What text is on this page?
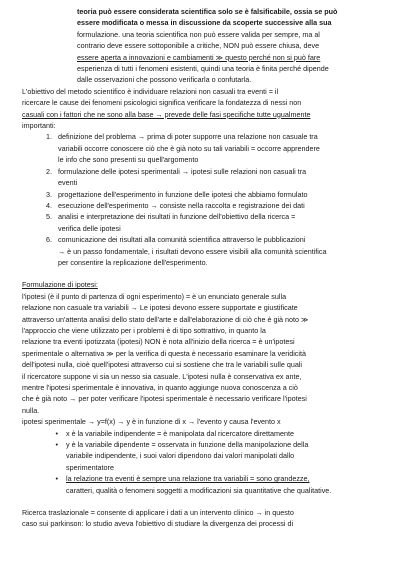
teoria può essere considerata scientifica solo se è falsificabile, ossia se può
essere modificata o messa in discussione da scoperte successive alla sua
formulazione. una teoria scientifica non può essere valida per sempre, ma al
contrario deve essere sottoponibile a critiche, NON può essere chiusa, deve
essere aperta a innovazioni e cambiamenti ≫ questo perché non si può fare
esperienza di tutti i fenomeni esistenti, quindi una teoria è finita perché dipende
dalle osservazioni che possono verificarla o confutarla.
L'obiettivo del metodo scientifico è individuare relazioni non casuali tra eventi = il
ricercare le cause dei fenomeni psicologici significa verificare la fondatezza di nessi non
casuali con i fattori che ne sono alla base → prevede delle fasi specifiche tutte ugualmente
importanti:
1. definizione del problema → prima di poter supporre una relazione non casuale tra
variabili occorre conoscere ciò che è già noto su tali variabili = occorre apprendere
le info che sono presenti su quell'argomento
2. formulazione delle ipotesi sperimentali → ipotesi sulle relazioni non casuali tra
eventi
3. progettazione dell'esperimento in funzione delle ipotesi che abbiamo formulato
4. esecuzione dell'esperimento → consiste nella raccolta e registrazione dei dati
5. analisi e interpretazione dei risultati in funzione dell'obiettivo della ricerca =
verifica delle ipotesi
6. comunicazione dei risultati alla comunità scientifica attraverso le pubblicazioni
→ è un passo fondamentale, i risultati devono essere visibili alla comunità scientifica
per consentire la replicazione dell'esperimento.
Formulazione di ipotesi:
l'ipotesi (è il punto di partenza di ogni esperimento) = è un enunciato generale sulla
relazione non casuale tra variabili → Le ipotesi devono essere supportate e giustificate
attraverso un'attenta analisi dello stato dell'arte e dall'elaborazione di ciò che è già noto ≫
l'approccio che viene utilizzato per i problemi è di tipo sottrattivo, in quanto la
relazione tra eventi ipotizzata (ipotesi) NON è nota all'inizio della ricerca = è un'ipotesi
sperimentale o alternativa ≫ per la verifica di questa è necessario esaminare la veridicità
dell'ipotesi nulla, cioè quell'ipotesi attraverso cui si sostiene che tra le variabili sulle quali
il ricercatore suppone vi sia un nesso sia casuale. L'ipotesi nulla è conservativa ex ante,
mentre l'ipotesi sperimentale è innovativa, in quanto aggiunge nuova conoscenza a ciò
che è già noto → per poter verificare l'ipotesi sperimentale è necessario verificare l'ipotesi
nulla.
ipotesi sperimentale → y=f(x) → y è in funzione di x → l'evento y causa l'evento x
•	x è la variabile indipendente = è manipolata dal ricercatore direttamente
•	y è la variabile dipendente = osservata in funzione della manipolazione della
variabile indipendente, i suoi valori dipendono dai valori manipolati dallo
sperimentatore
•	la relazione tra eventi è sempre una relazione tra variabili = sono grandezze,
caratteri, qualità o fenomeni soggetti a modificazioni sia quantitative che qualitative.
Ricerca traslazionale = consente di applicare i dati a un intervento clinico → in questo
caso sui parkinson: lo studio aveva l'obiettivo di studiare la divergenza dei processi di
